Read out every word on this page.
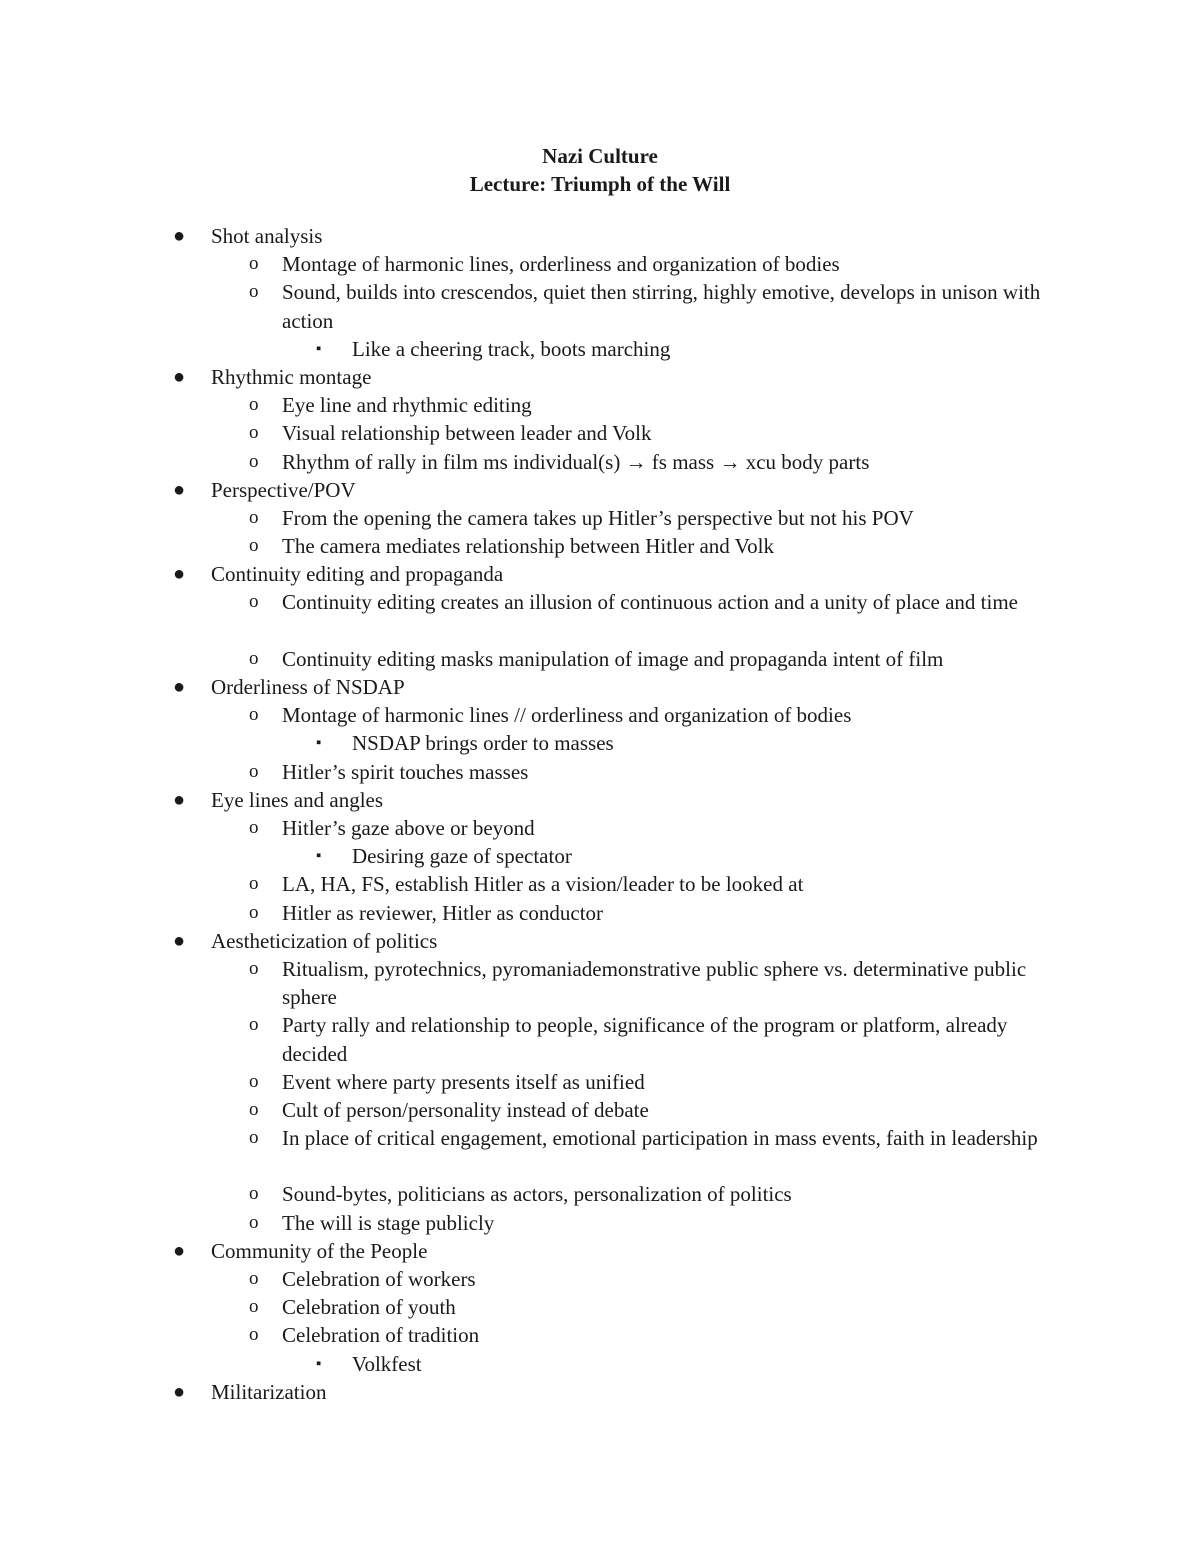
Nazi Culture
Lecture: Triumph of the Will
● Shot analysis
o Montage of harmonic lines, orderliness and organization of bodies
o Sound, builds into crescendos, quiet then stirring, highly emotive, develops in unison with action
▪ Like a cheering track, boots marching
● Rhythmic montage
o Eye line and rhythmic editing
o Visual relationship between leader and Volk
o Rhythm of rally in film ms individual(s) → fs mass → xcu body parts
● Perspective/POV
o From the opening the camera takes up Hitler’s perspective but not his POV
o The camera mediates relationship between Hitler and Volk
● Continuity editing and propaganda
o Continuity editing creates an illusion of continuous action and a unity of place and time
o Continuity editing masks manipulation of image and propaganda intent of film
● Orderliness of NSDAP
o Montage of harmonic lines // orderliness and organization of bodies
▪ NSDAP brings order to masses
o Hitler’s spirit touches masses
● Eye lines and angles
o Hitler’s gaze above or beyond
▪ Desiring gaze of spectator
o LA, HA, FS, establish Hitler as a vision/leader to be looked at
o Hitler as reviewer, Hitler as conductor
● Aestheticization of politics
o Ritualism, pyrotechnics, pyromaniademonstrative public sphere vs. determinative public sphere
o Party rally and relationship to people, significance of the program or platform, already decided
o Event where party presents itself as unified
o Cult of person/personality instead of debate
o In place of critical engagement, emotional participation in mass events, faith in leadership
o Sound-bytes, politicians as actors, personalization of politics
o The will is stage publicly
● Community of the People
o Celebration of workers
o Celebration of youth
o Celebration of tradition
▪ Volkfest
● Militarization
